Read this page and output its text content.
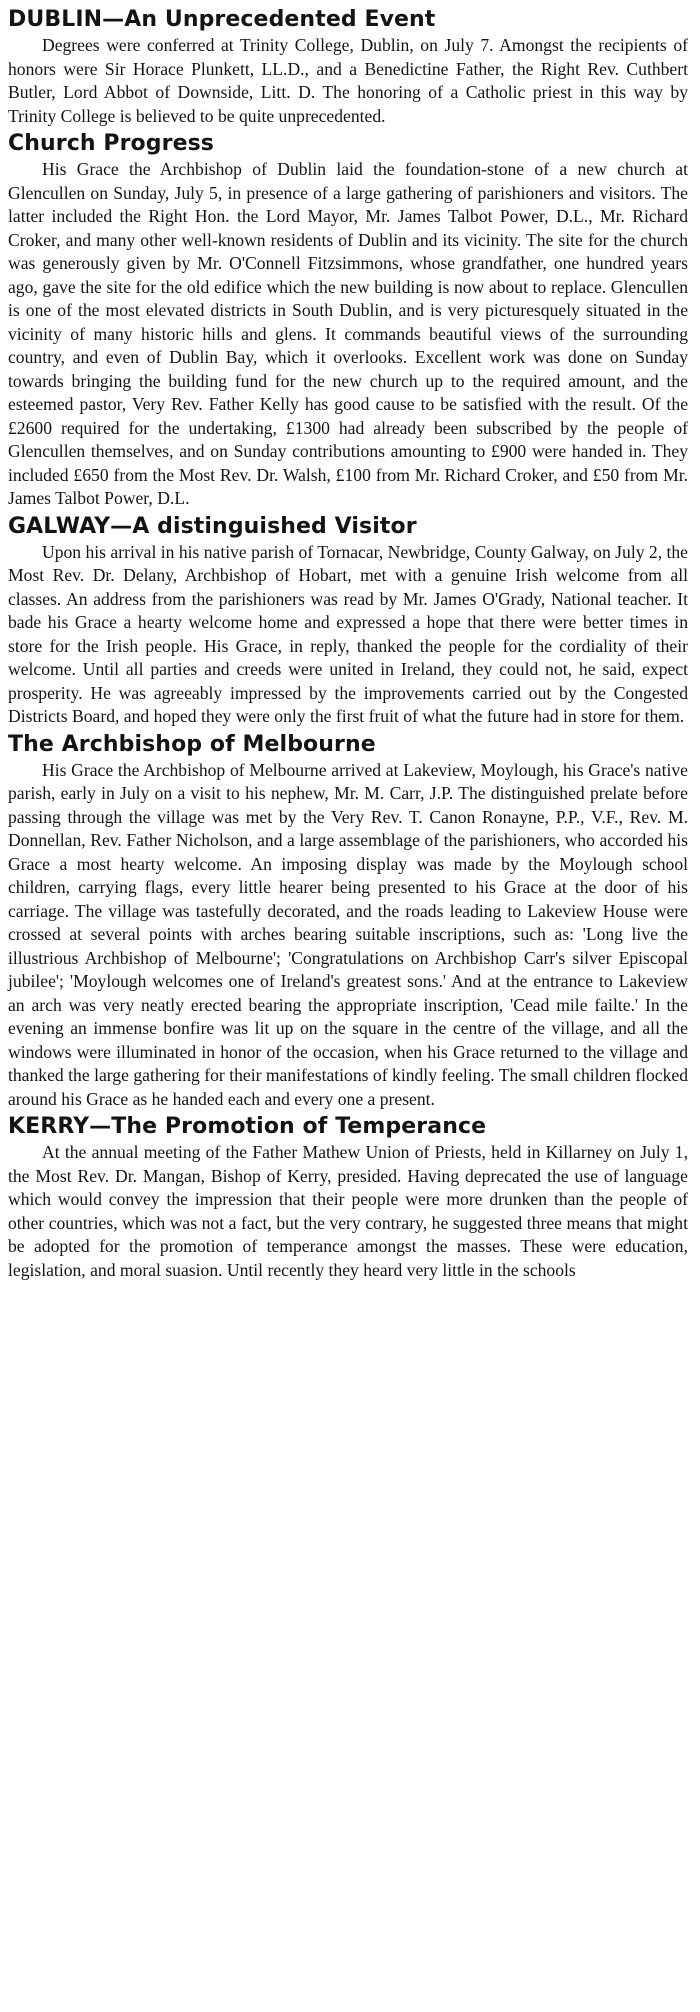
DUBLIN—An Unprecedented Event

Degrees were conferred at Trinity College, Dublin, on July 7. Amongst the recipients of honors were Sir Horace Plunkett, LL.D., and a Benedictine Father, the Right Rev. Cuthbert Butler, Lord Abbot of Downside, Litt. D. The honoring of a Catholic priest in this way by Trinity College is believed to be quite unprecedented.

Church Progress

His Grace the Archbishop of Dublin laid the foundation-stone of a new church at Glencullen on Sunday, July 5, in presence of a large gathering of parishioners and visitors. The latter included the Right Hon. the Lord Mayor, Mr. James Talbot Power, D.L., Mr. Richard Croker, and many other well-known residents of Dublin and its vicinity. The site for the church was generously given by Mr. O'Connell Fitzsimmons, whose grandfather, one hundred years ago, gave the site for the old edifice which the new building is now about to replace. Glencullen is one of the most elevated districts in South Dublin, and is very picturesquely situated in the vicinity of many historic hills and glens. It commands beautiful views of the surrounding country, and even of Dublin Bay, which it overlooks. Excellent work was done on Sunday towards bringing the building fund for the new church up to the required amount, and the esteemed pastor, Very Rev. Father Kelly has good cause to be satisfied with the result. Of the £2600 required for the undertaking, £1300 had already been subscribed by the people of Glencullen themselves, and on Sunday contributions amounting to £900 were handed in. They included £650 from the Most Rev. Dr. Walsh, £100 from Mr. Richard Croker, and £50 from Mr. James Talbot Power, D.L.

GALWAY—A distinguished Visitor

Upon his arrival in his native parish of Tornacar, Newbridge, County Galway, on July 2, the Most Rev. Dr. Delany, Archbishop of Hobart, met with a genuine Irish welcome from all classes. An address from the parishioners was read by Mr. James O'Grady, National teacher. It bade his Grace a hearty welcome home and expressed a hope that there were better times in store for the Irish people. His Grace, in reply, thanked the people for the cordiality of their welcome. Until all parties and creeds were united in Ireland, they could not, he said, expect prosperity. He was agreeably impressed by the improvements carried out by the Congested Districts Board, and hoped they were only the first fruit of what the future had in store for them.

The Archbishop of Melbourne

His Grace the Archbishop of Melbourne arrived at Lakeview, Moylough, his Grace's native parish, early in July on a visit to his nephew, Mr. M. Carr, J.P. The distinguished prelate before passing through the village was met by the Very Rev. T. Canon Ronayne, P.P., V.F., Rev. M. Donnellan, Rev. Father Nicholson, and a large assemblage of the parishioners, who accorded his Grace a most hearty welcome. An imposing display was made by the Moylough school children, carrying flags, every little hearer being presented to his Grace at the door of his carriage. The village was tastefully decorated, and the roads leading to Lakeview House were crossed at several points with arches bearing suitable inscriptions, such as: 'Long live the illustrious Archbishop of Melbourne'; 'Congratulations on Archbishop Carr's silver Episcopal jubilee'; 'Moylough welcomes one of Ireland's greatest sons.' And at the entrance to Lakeview an arch was very neatly erected bearing the appropriate inscription, 'Cead mile failte.' In the evening an immense bonfire was lit up on the square in the centre of the village, and all the windows were illuminated in honor of the occasion, when his Grace returned to the village and thanked the large gathering for their manifestations of kindly feeling. The small children flocked around his Grace as he handed each and every one a present.

KERRY—The Promotion of Temperance

At the annual meeting of the Father Mathew Union of Priests, held in Killarney on July 1, the Most Rev. Dr. Mangan, Bishop of Kerry, presided. Having deprecated the use of language which would convey the impression that their people were more drunken than the people of other countries, which was not a fact, but the very contrary, he suggested three means that might be adopted for the promotion of temperance amongst the masses. These were education, legislation, and moral suasion. Until recently they heard very little in the schools
